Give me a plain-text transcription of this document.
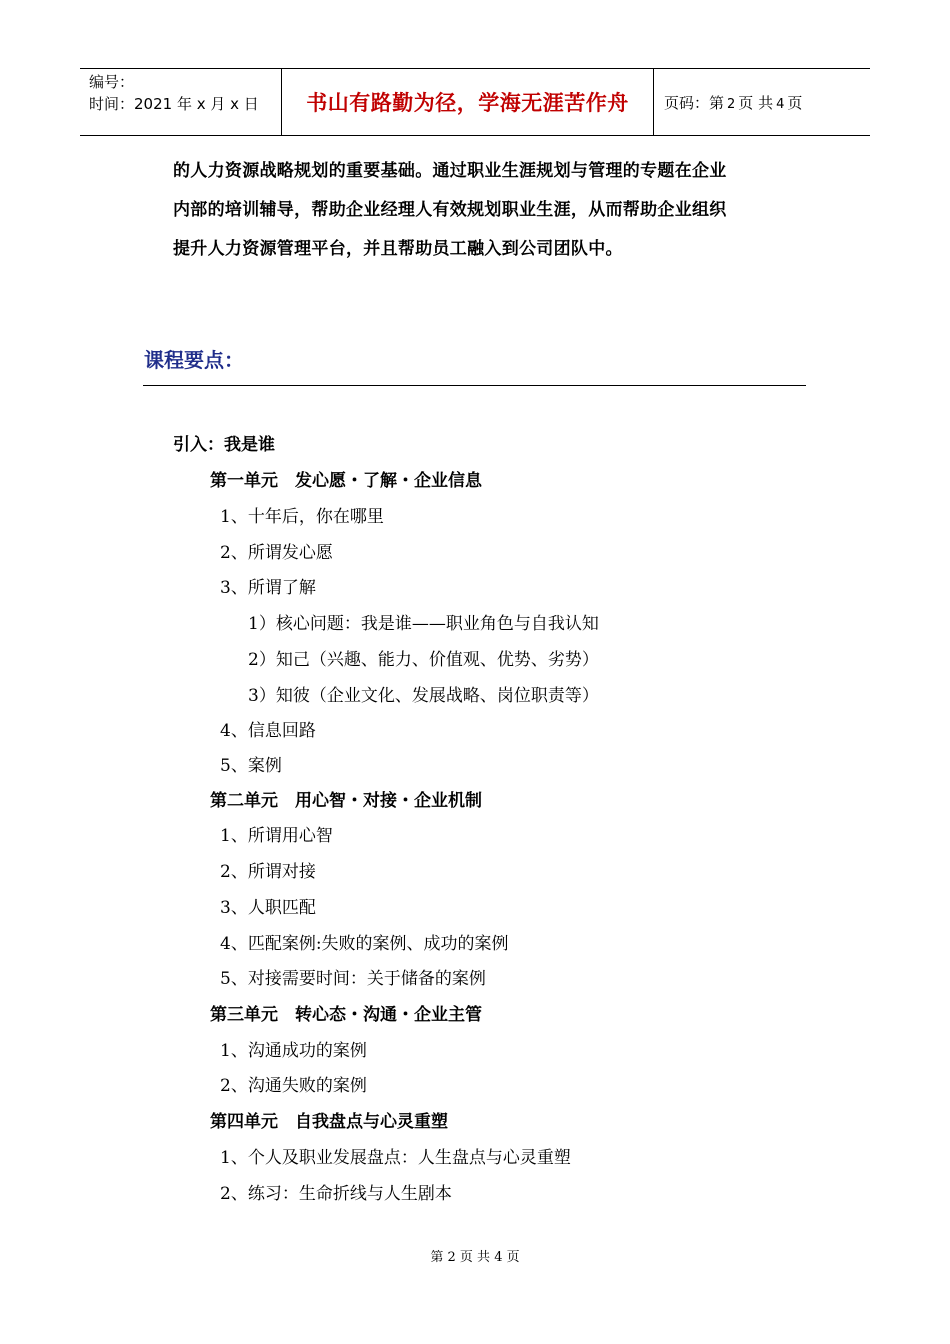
编号：
时间：2021 年 x 月 x 日	书山有路勤为径，学海无涯苦作舟 页码：第 2 页 共 4 页
的人力资源战略规划的重要基础。通过职业生涯规划与管理的专题在企业
内部的培训辅导，帮助企业经理人有效规划职业生涯，从而帮助企业组织
提升人力资源管理平台，并且帮助员工融入到公司团队中。
课程要点：
引入：我是谁
第一单元　发心愿・了解・企业信息
1、十年后，你在哪里
2、所谓发心愿
3、所谓了解
1）核心问题：我是谁——职业角色与自我认知
2）知己（兴趣、能力、价值观、优势、劣势）
3）知彼（企业文化、发展战略、岗位职责等）
4、信息回路
5、案例
第二单元　用心智・对接・企业机制
1、所谓用心智
2、所谓对接
3、人职匹配
4、匹配案例:失败的案例、成功的案例
5、对接需要时间：关于储备的案例
第三单元　转心态・沟通・企业主管
1、沟通成功的案例
2、沟通失败的案例
第四单元　自我盘点与心灵重塑
1、个人及职业发展盘点：人生盘点与心灵重塑
2、练习：生命折线与人生剧本
第 2 页 共 4 页
